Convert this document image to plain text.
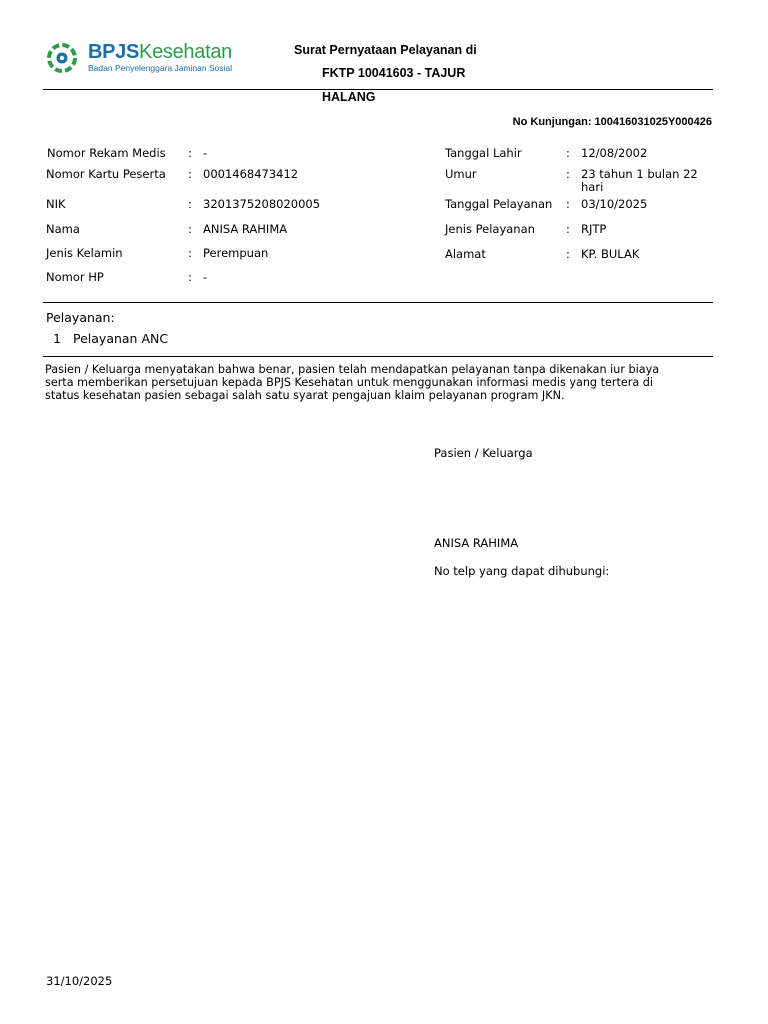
BPJSKesehatan
Badan Penyelenggara Jaminan Sosial
Surat Pernyataan Pelayanan di
FKTP 10041603 - TAJUR
HALANG
No Kunjungan: 100416031025Y000426
Nomor Rekam Medis : -
Nomor Kartu Peserta : 0001468473412
NIK	: 3201375208020005
Nama	: ANISA RAHIMA
Jenis Kelamin	: Perempuan
Nomor HP	: -
Tanggal Lahir	: 12/08/2002
Umur	: 23 tahun 1 bulan 22
hari
Tanggal Pelayanan : 03/10/2025
Jenis Pelayanan	: RJTP
Alamat	: KP. BULAK
Pelayanan:
1 Pelayanan ANC
Pasien / Keluarga menyatakan bahwa benar, pasien telah mendapatkan pelayanan tanpa dikenakan iur biaya
serta memberikan persetujuan kepada BPJS Kesehatan untuk menggunakan informasi medis yang tertera di
status kesehatan pasien sebagai salah satu syarat pengajuan klaim pelayanan program JKN.
Pasien / Keluarga
ANISA RAHIMA
No telp yang dapat dihubungi:
31/10/2025
